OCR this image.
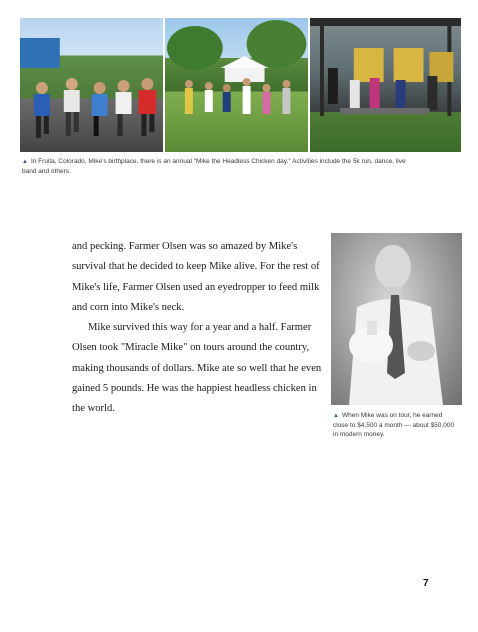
▲ In Fruita, Colorado, Mike's birthplace, there is an annual "Mike the Headless Chicken day." Activities include the 5k run, dance, live band and others.

and pecking. Farmer Olsen was so amazed by Mike's survival that he decided to keep Mike alive. For the rest of Mike's life, Farmer Olsen used an eyedropper to feed milk and corn into Mike's neck.

Mike survived this way for a year and a half. Farmer Olsen took "Miracle Mike" on tours around the country, making thousands of dollars. Mike ate so well that he even gained 5 pounds. He was the happiest headless chicken in the world.

▲ When Mike was on tour, he earned close to $4,500 a month — about $50,000 in modern money.
7
